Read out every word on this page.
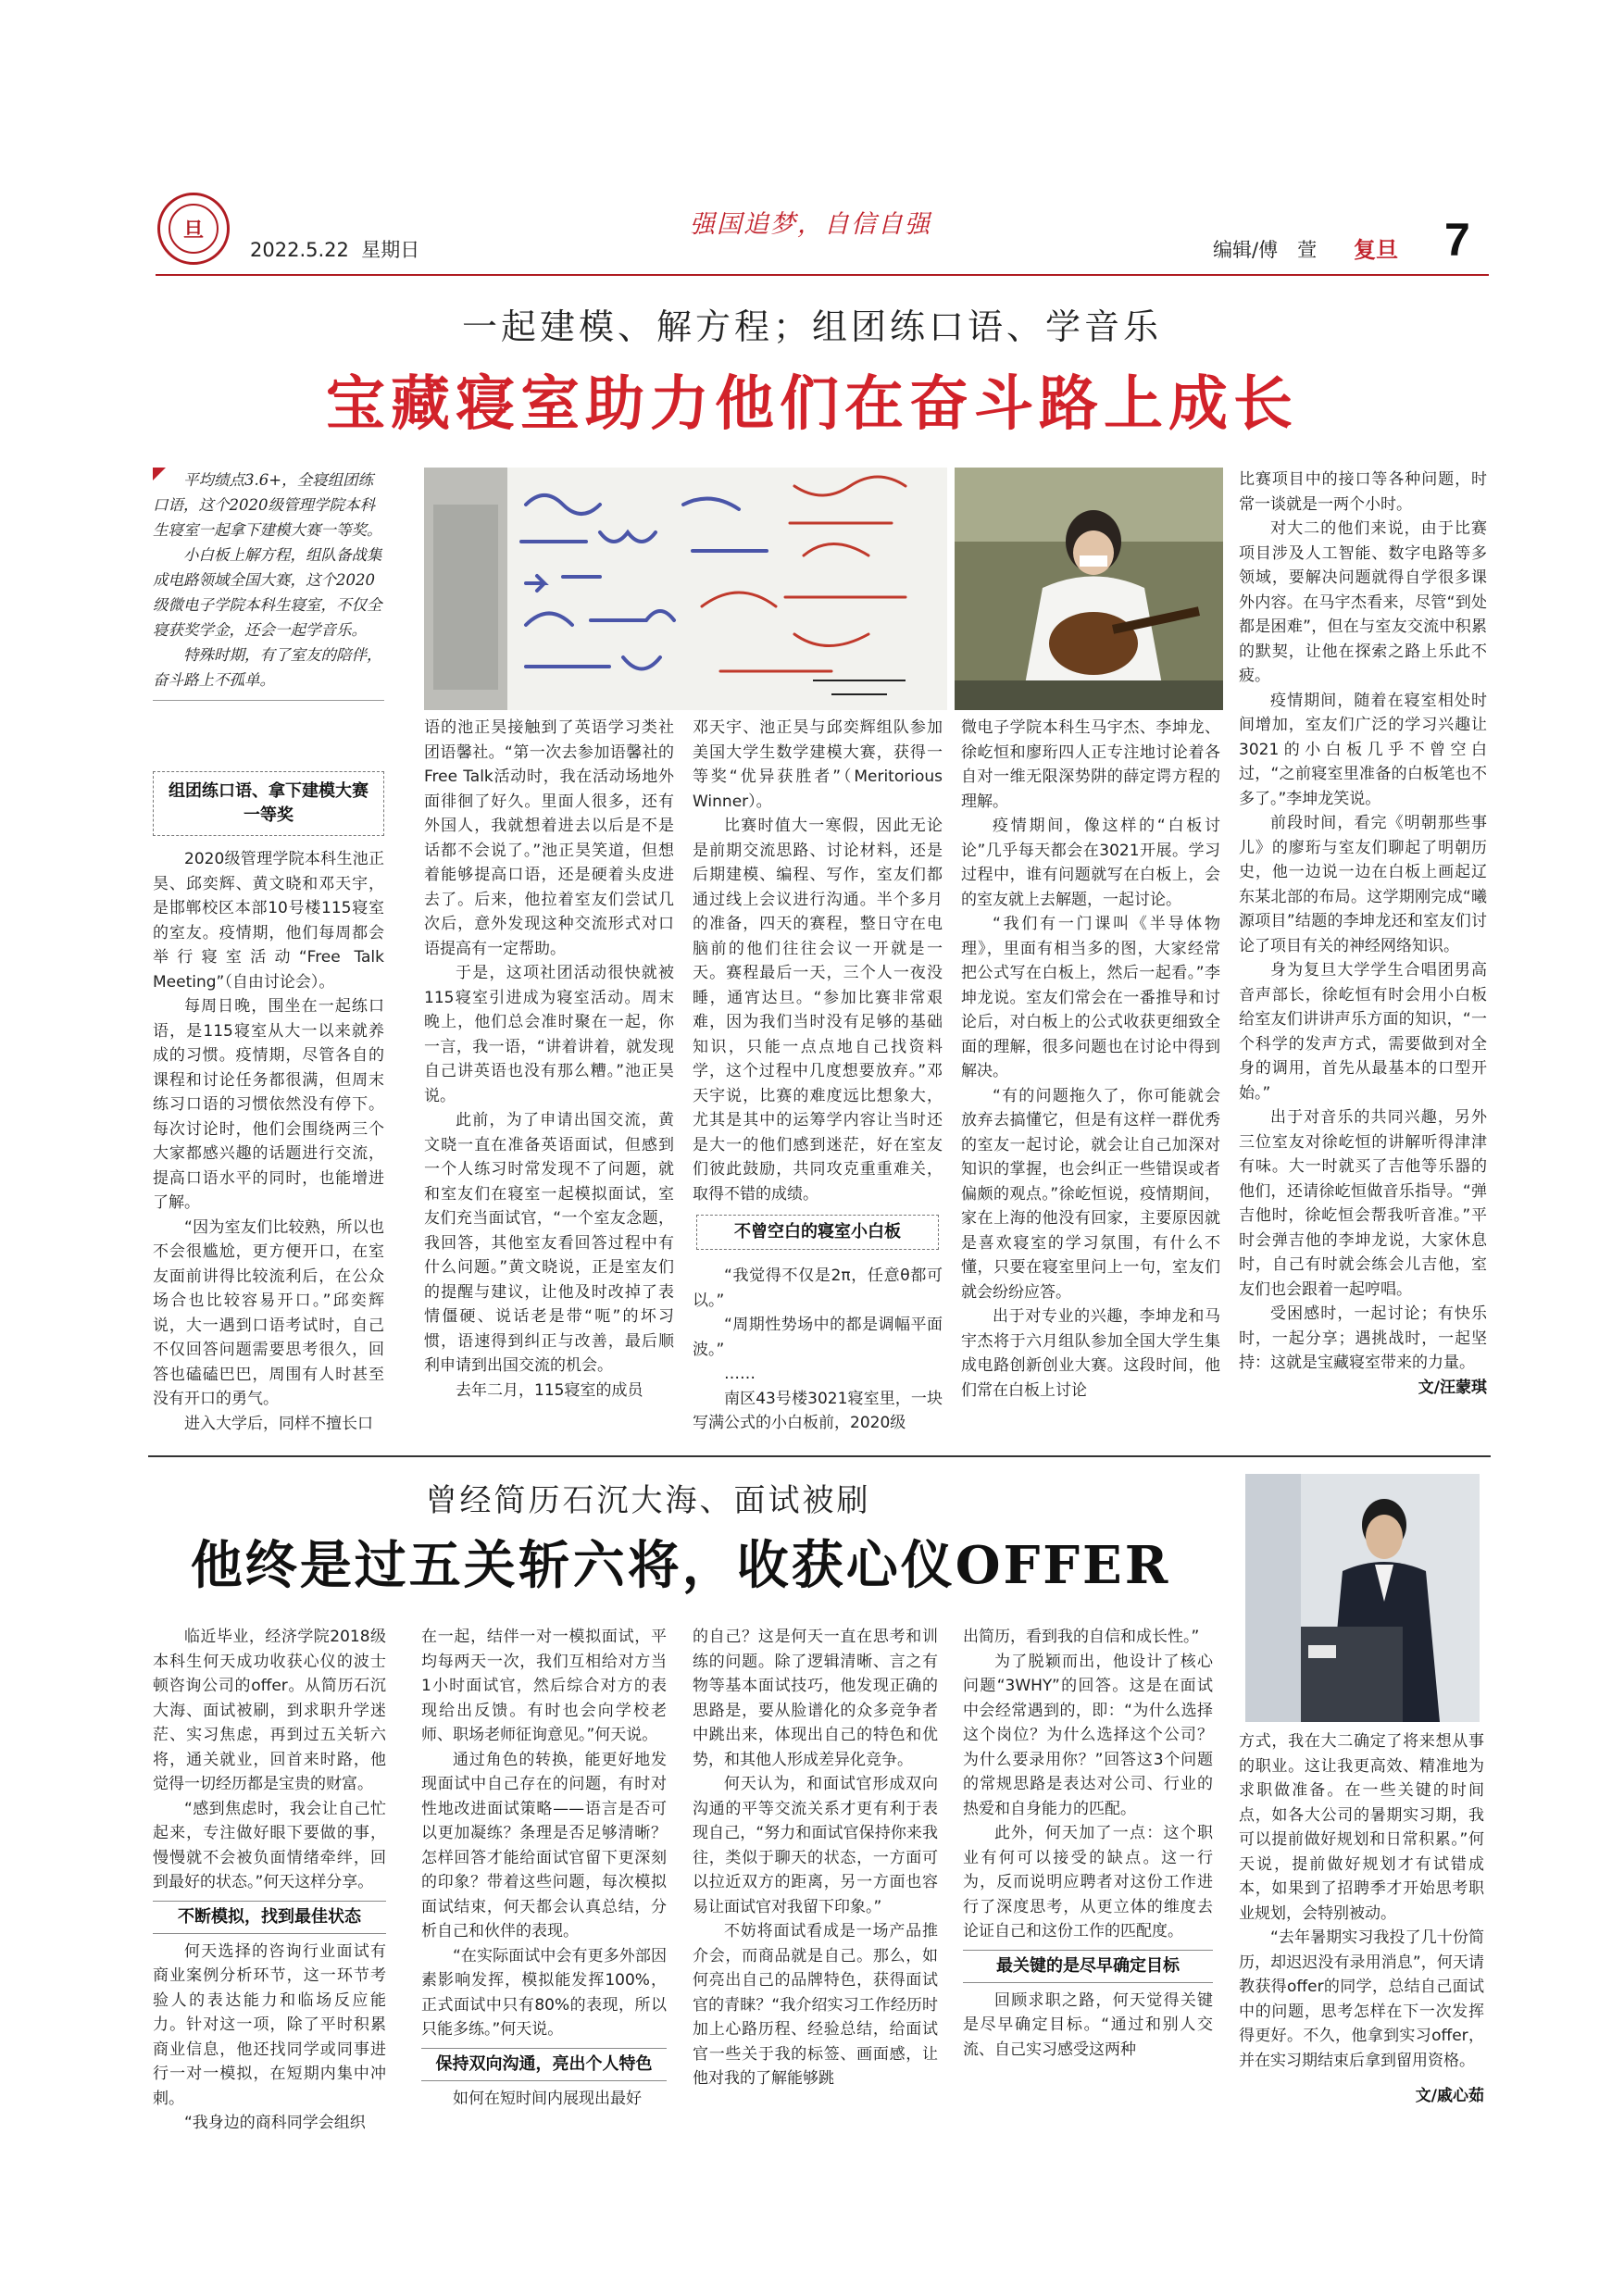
旦
2022.5.22 星期日
强国追梦，自信自强
编辑/傅　萱 复旦 7
一起建模、解方程；组团练口语、学音乐
宝藏寝室助力他们在奋斗路上成长

平均绩点3.6+，全寝组团练口语，这个2020级管理学院本科生寝室一起拿下建模大赛一等奖。

小白板上解方程，组队备战集成电路领域全国大赛，这个2020级微电子学院本科生寝室，不仅全寝获奖学金，还会一起学音乐。

特殊时期，有了室友的陪伴，奋斗路上不孤单。

组团练口语、拿下建模大赛一等奖

2020级管理学院本科生池正昊、邱奕辉、黄文晓和邓天宇，是邯郸校区本部10号楼115寝室的室友。疫情期，他们每周都会举行寝室活动“Free Talk Meeting”（自由讨论会）。

每周日晚，围坐在一起练口语，是115寝室从大一以来就养成的习惯。疫情期，尽管各自的课程和讨论任务都很满，但周末练习口语的习惯依然没有停下。每次讨论时，他们会围绕两三个大家都感兴趣的话题进行交流，提高口语水平的同时，也能增进了解。

“因为室友们比较熟，所以也不会很尴尬，更方便开口，在室友面前讲得比较流利后，在公众场合也比较容易开口。”邱奕辉说，大一遇到口语考试时，自己不仅回答问题需要思考很久，回答也磕磕巴巴，周围有人时甚至没有开口的勇气。

进入大学后，同样不擅长口

语的池正昊接触到了英语学习类社团语馨社。“第一次去参加语馨社的Free Talk活动时，我在活动场地外面徘徊了好久。里面人很多，还有外国人，我就想着进去以后是不是话都不会说了。”池正昊笑道，但想着能够提高口语，还是硬着头皮进去了。后来，他拉着室友们尝试几次后，意外发现这种交流形式对口语提高有一定帮助。

于是，这项社团活动很快就被115寝室引进成为寝室活动。周末晚上，他们总会准时聚在一起，你一言，我一语，“讲着讲着，就发现自己讲英语也没有那么糟。”池正昊说。

此前，为了申请出国交流，黄文晓一直在准备英语面试，但感到一个人练习时常发现不了问题，就和室友们在寝室一起模拟面试，室友们充当面试官，“一个室友念题，我回答，其他室友看回答过程中有什么问题。”黄文晓说，正是室友们的提醒与建议，让他及时改掉了表情僵硬、说话老是带“呃”的坏习惯，语速得到纠正与改善，最后顺利申请到出国交流的机会。

去年二月，115寝室的成员

邓天宇、池正昊与邱奕辉组队参加美国大学生数学建模大赛，获得一等奖“优异获胜者”（Meritorious Winner）。

比赛时值大一寒假，因此无论是前期交流思路、讨论材料，还是后期建模、编程、写作，室友们都通过线上会议进行沟通。半个多月的准备，四天的赛程，整日守在电脑前的他们往往会议一开就是一天。赛程最后一天，三个人一夜没睡，通宵达旦。“参加比赛非常艰难，因为我们当时没有足够的基础知识，只能一点点地自己找资料学，这个过程中几度想要放弃。”邓天宇说，比赛的难度远比想象大，尤其是其中的运筹学内容让当时还是大一的他们感到迷茫，好在室友们彼此鼓励，共同攻克重重难关，取得不错的成绩。

不曾空白的寝室小白板

“我觉得不仅是2π，任意θ都可以。”

“周期性势场中的都是调幅平面波。”

……

南区43号楼3021寝室里，一块写满公式的小白板前，2020级

微电子学院本科生马宇杰、李坤龙、徐屹恒和廖珩四人正专注地讨论着各自对一维无限深势阱的薛定谔方程的理解。

疫情期间，像这样的“白板讨论”几乎每天都会在3021开展。学习过程中，谁有问题就写在白板上，会的室友就上去解题，一起讨论。

“我们有一门课叫《半导体物理》，里面有相当多的图，大家经常把公式写在白板上，然后一起看。”李坤龙说。室友们常会在一番推导和讨论后，对白板上的公式收获更细致全面的理解，很多问题也在讨论中得到解决。

“有的问题拖久了，你可能就会放弃去搞懂它，但是有这样一群优秀的室友一起讨论，就会让自己加深对知识的掌握，也会纠正一些错误或者偏颇的观点。”徐屹恒说，疫情期间，家在上海的他没有回家，主要原因就是喜欢寝室的学习氛围，有什么不懂，只要在寝室里问上一句，室友们就会纷纷应答。

出于对专业的兴趣，李坤龙和马宇杰将于六月组队参加全国大学生集成电路创新创业大赛。这段时间，他们常在白板上讨论

比赛项目中的接口等各种问题，时常一谈就是一两个小时。

对大二的他们来说，由于比赛项目涉及人工智能、数字电路等多领域，要解决问题就得自学很多课外内容。在马宇杰看来，尽管“到处都是困难”，但在与室友交流中积累的默契，让他在探索之路上乐此不疲。

疫情期间，随着在寝室相处时间增加，室友们广泛的学习兴趣让3021的小白板几乎不曾空白过，“之前寝室里准备的白板笔也不多了。”李坤龙笑说。

前段时间，看完《明朝那些事儿》的廖珩与室友们聊起了明朝历史，他一边说一边在白板上画起辽东某北部的布局。这学期刚完成“曦源项目”结题的李坤龙还和室友们讨论了项目有关的神经网络知识。

身为复旦大学学生合唱团男高音声部长，徐屹恒有时会用小白板给室友们讲讲声乐方面的知识，“一个科学的发声方式，需要做到对全身的调用，首先从最基本的口型开始。”

出于对音乐的共同兴趣，另外三位室友对徐屹恒的讲解听得津津有味。大一时就买了吉他等乐器的他们，还请徐屹恒做音乐指导。“弹吉他时，徐屹恒会帮我听音准。”平时会弹吉他的李坤龙说，大家休息时，自己有时就会练会儿吉他，室友们也会跟着一起哼唱。

受困感时，一起讨论；有快乐时，一起分享；遇挑战时，一起坚持：这就是宝藏寝室带来的力量。

文/汪蒙琪
曾经简历石沉大海、面试被刷
他终是过五关斩六将，收获心仪OFFER

临近毕业，经济学院2018级本科生何天成功收获心仪的波士顿咨询公司的offer。从简历石沉大海、面试被刷，到求职升学迷茫、实习焦虑，再到过五关斩六将，通关就业，回首来时路，他觉得一切经历都是宝贵的财富。

“感到焦虑时，我会让自己忙起来，专注做好眼下要做的事，慢慢就不会被负面情绪牵绊，回到最好的状态。”何天这样分享。

不断模拟，找到最佳状态

何天选择的咨询行业面试有商业案例分析环节，这一环节考验人的表达能力和临场反应能力。针对这一项，除了平时积累商业信息，他还找同学或同事进行一对一模拟，在短期内集中冲刺。

“我身边的商科同学会组织

在一起，结伴一对一模拟面试，平均每两天一次，我们互相给对方当1小时面试官，然后综合对方的表现给出反馈。有时也会向学校老师、职场老师征询意见。”何天说。

通过角色的转换，能更好地发现面试中自己存在的问题，有时对性地改进面试策略——语言是否可以更加凝练？条理是否足够清晰？怎样回答才能给面试官留下更深刻的印象？带着这些问题，每次模拟面试结束，何天都会认真总结，分析自己和伙伴的表现。

“在实际面试中会有更多外部因素影响发挥，模拟能发挥100%，正式面试中只有80%的表现，所以只能多练。”何天说。

保持双向沟通，亮出个人特色

如何在短时间内展现出最好

的自己？这是何天一直在思考和训练的问题。除了逻辑清晰、言之有物等基本面试技巧，他发现正确的思路是，要从脸谱化的众多竞争者中跳出来，体现出自己的特色和优势，和其他人形成差异化竞争。

何天认为，和面试官形成双向沟通的平等交流关系才更有利于表现自己，“努力和面试官保持你来我往，类似于聊天的状态，一方面可以拉近双方的距离，另一方面也容易让面试官对我留下印象。”

不妨将面试看成是一场产品推介会，而商品就是自己。那么，如何亮出自己的品牌特色，获得面试官的青睐？“我介绍实习工作经历时加上心路历程、经验总结，给面试官一些关于我的标签、画面感，让他对我的了解能够跳

出简历，看到我的自信和成长性。”

为了脱颖而出，他设计了核心问题“3WHY”的回答。这是在面试中会经常遇到的，即：“为什么选择这个岗位？为什么选择这个公司？为什么要录用你？”回答这3个问题的常规思路是表达对公司、行业的热爱和自身能力的匹配。

此外，何天加了一点：这个职业有何可以接受的缺点。这一行为，反而说明应聘者对这份工作进行了深度思考，从更立体的维度去论证自己和这份工作的匹配度。

最关键的是尽早确定目标

回顾求职之路，何天觉得关键是尽早确定目标。“通过和别人交流、自己实习感受这两种

方式，我在大二确定了将来想从事的职业。这让我更高效、精准地为求职做准备。在一些关键的时间点，如各大公司的暑期实习期，我可以提前做好规划和日常积累。”何天说，提前做好规划才有试错成本，如果到了招聘季才开始思考职业规划，会特别被动。

“去年暑期实习我投了几十份简历，却迟迟没有录用消息”，何天请教获得offer的同学，总结自己面试中的问题，思考怎样在下一次发挥得更好。不久，他拿到实习offer，并在实习期结束后拿到留用资格。

文/戚心茹
